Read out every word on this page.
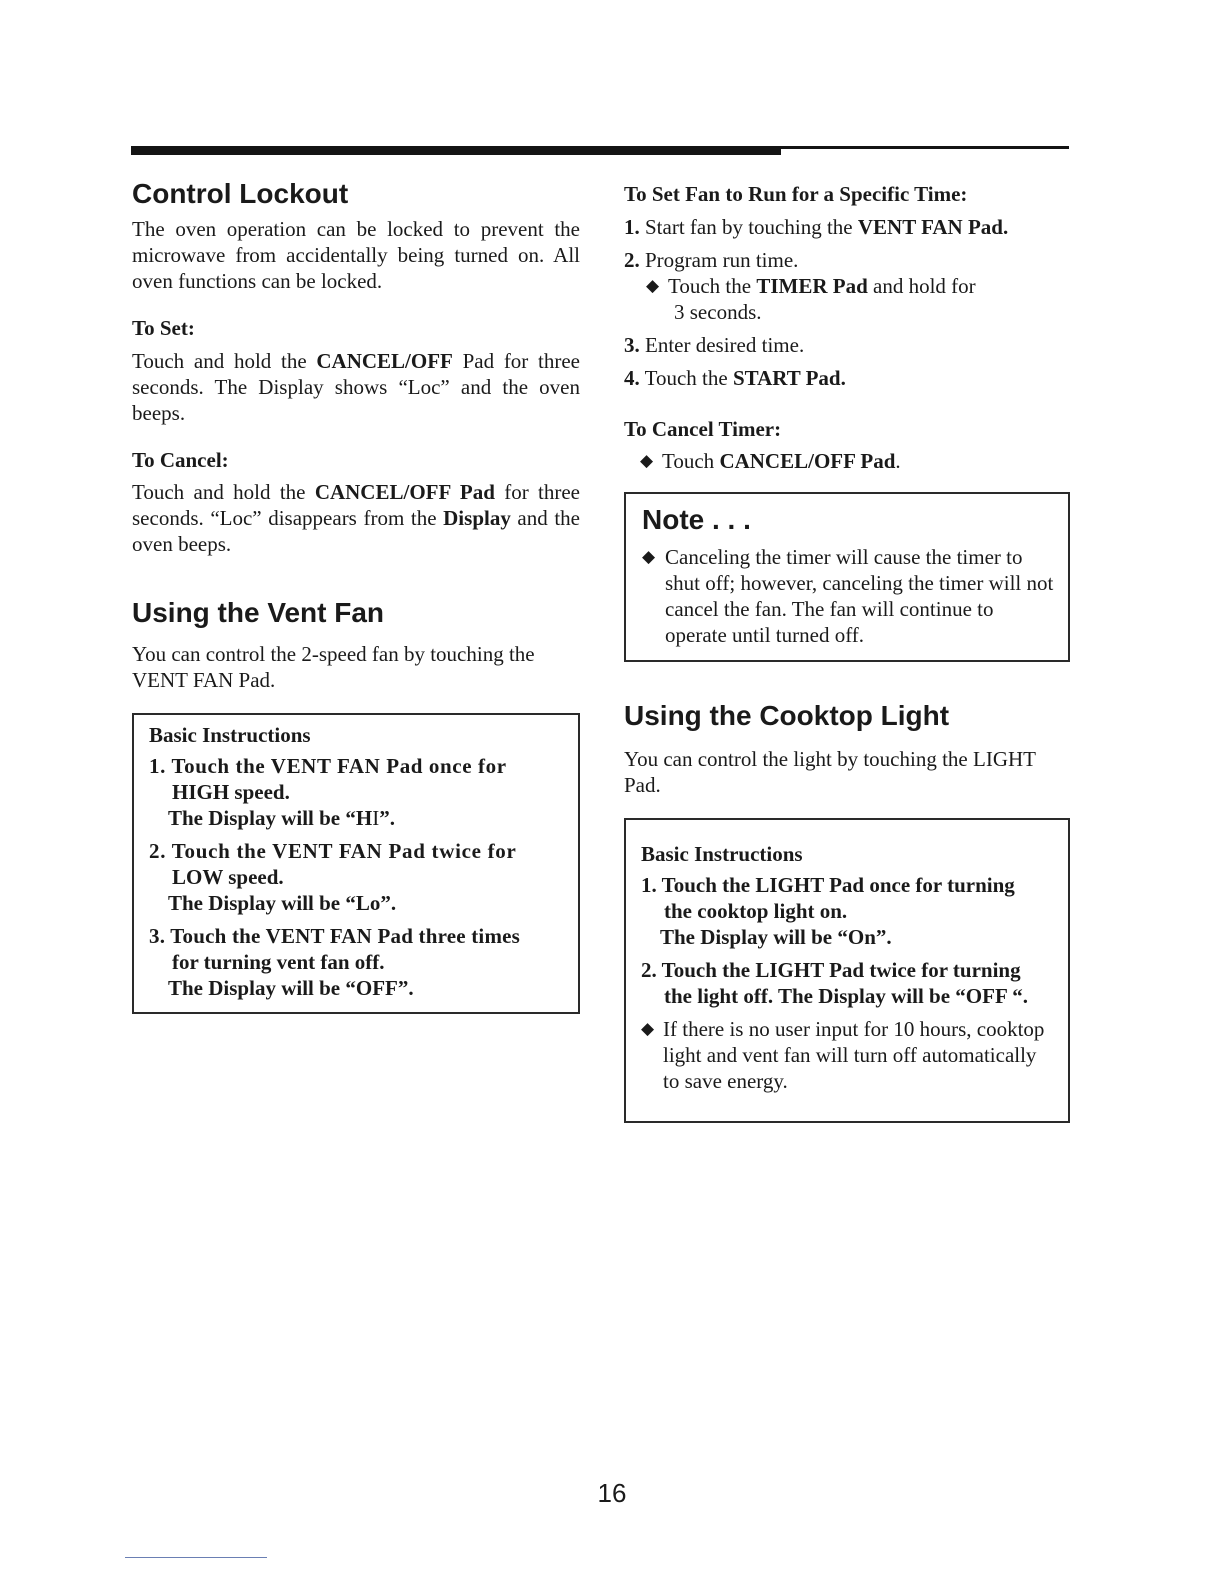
Control Lockout

The oven operation can be locked to prevent the microwave from accidentally being turned on. All oven functions can be locked.

To Set:

Touch and hold the CANCEL/OFF Pad for three seconds. The Display shows “Loc” and the oven beeps.

To Cancel:

Touch and hold the CANCEL/OFF Pad for three seconds. “Loc” disappears from the Display and the oven beeps.

Using the Vent Fan

You can control the 2-speed fan by touching the VENT FAN Pad.

Basic Instructions
1. Touch the VENT FAN Pad once for
HIGH speed.
The Display will be “HI”.
2. Touch the VENT FAN Pad twice for
LOW speed.
The Display will be “Lo”.
3. Touch the VENT FAN Pad three times
for turning vent fan off.
The Display will be “OFF”.
To Set Fan to Run for a Specific Time:

1. Start fan by touching the VENT FAN Pad.

2. Program run time.

◆ Touch the TIMER Pad and hold for
3 seconds.

3. Enter desired time.

4. Touch the START Pad.

To Cancel Timer:
◆ Touch CANCEL/OFF Pad.
Note . . .
◆ Canceling the timer will cause the timer to shut off; however, canceling the timer will not cancel the fan. The fan will continue to operate until turned off.
Using the Cooktop Light

You can control the light by touching the LIGHT Pad.

Basic Instructions
1. Touch the LIGHT Pad once for turning
the cooktop light on.
The Display will be “On”.
2. Touch the LIGHT Pad twice for turning
the light off. The Display will be “OFF “.
◆ If there is no user input for 10 hours, cooktop light and vent fan will turn off automatically to save energy.
16
